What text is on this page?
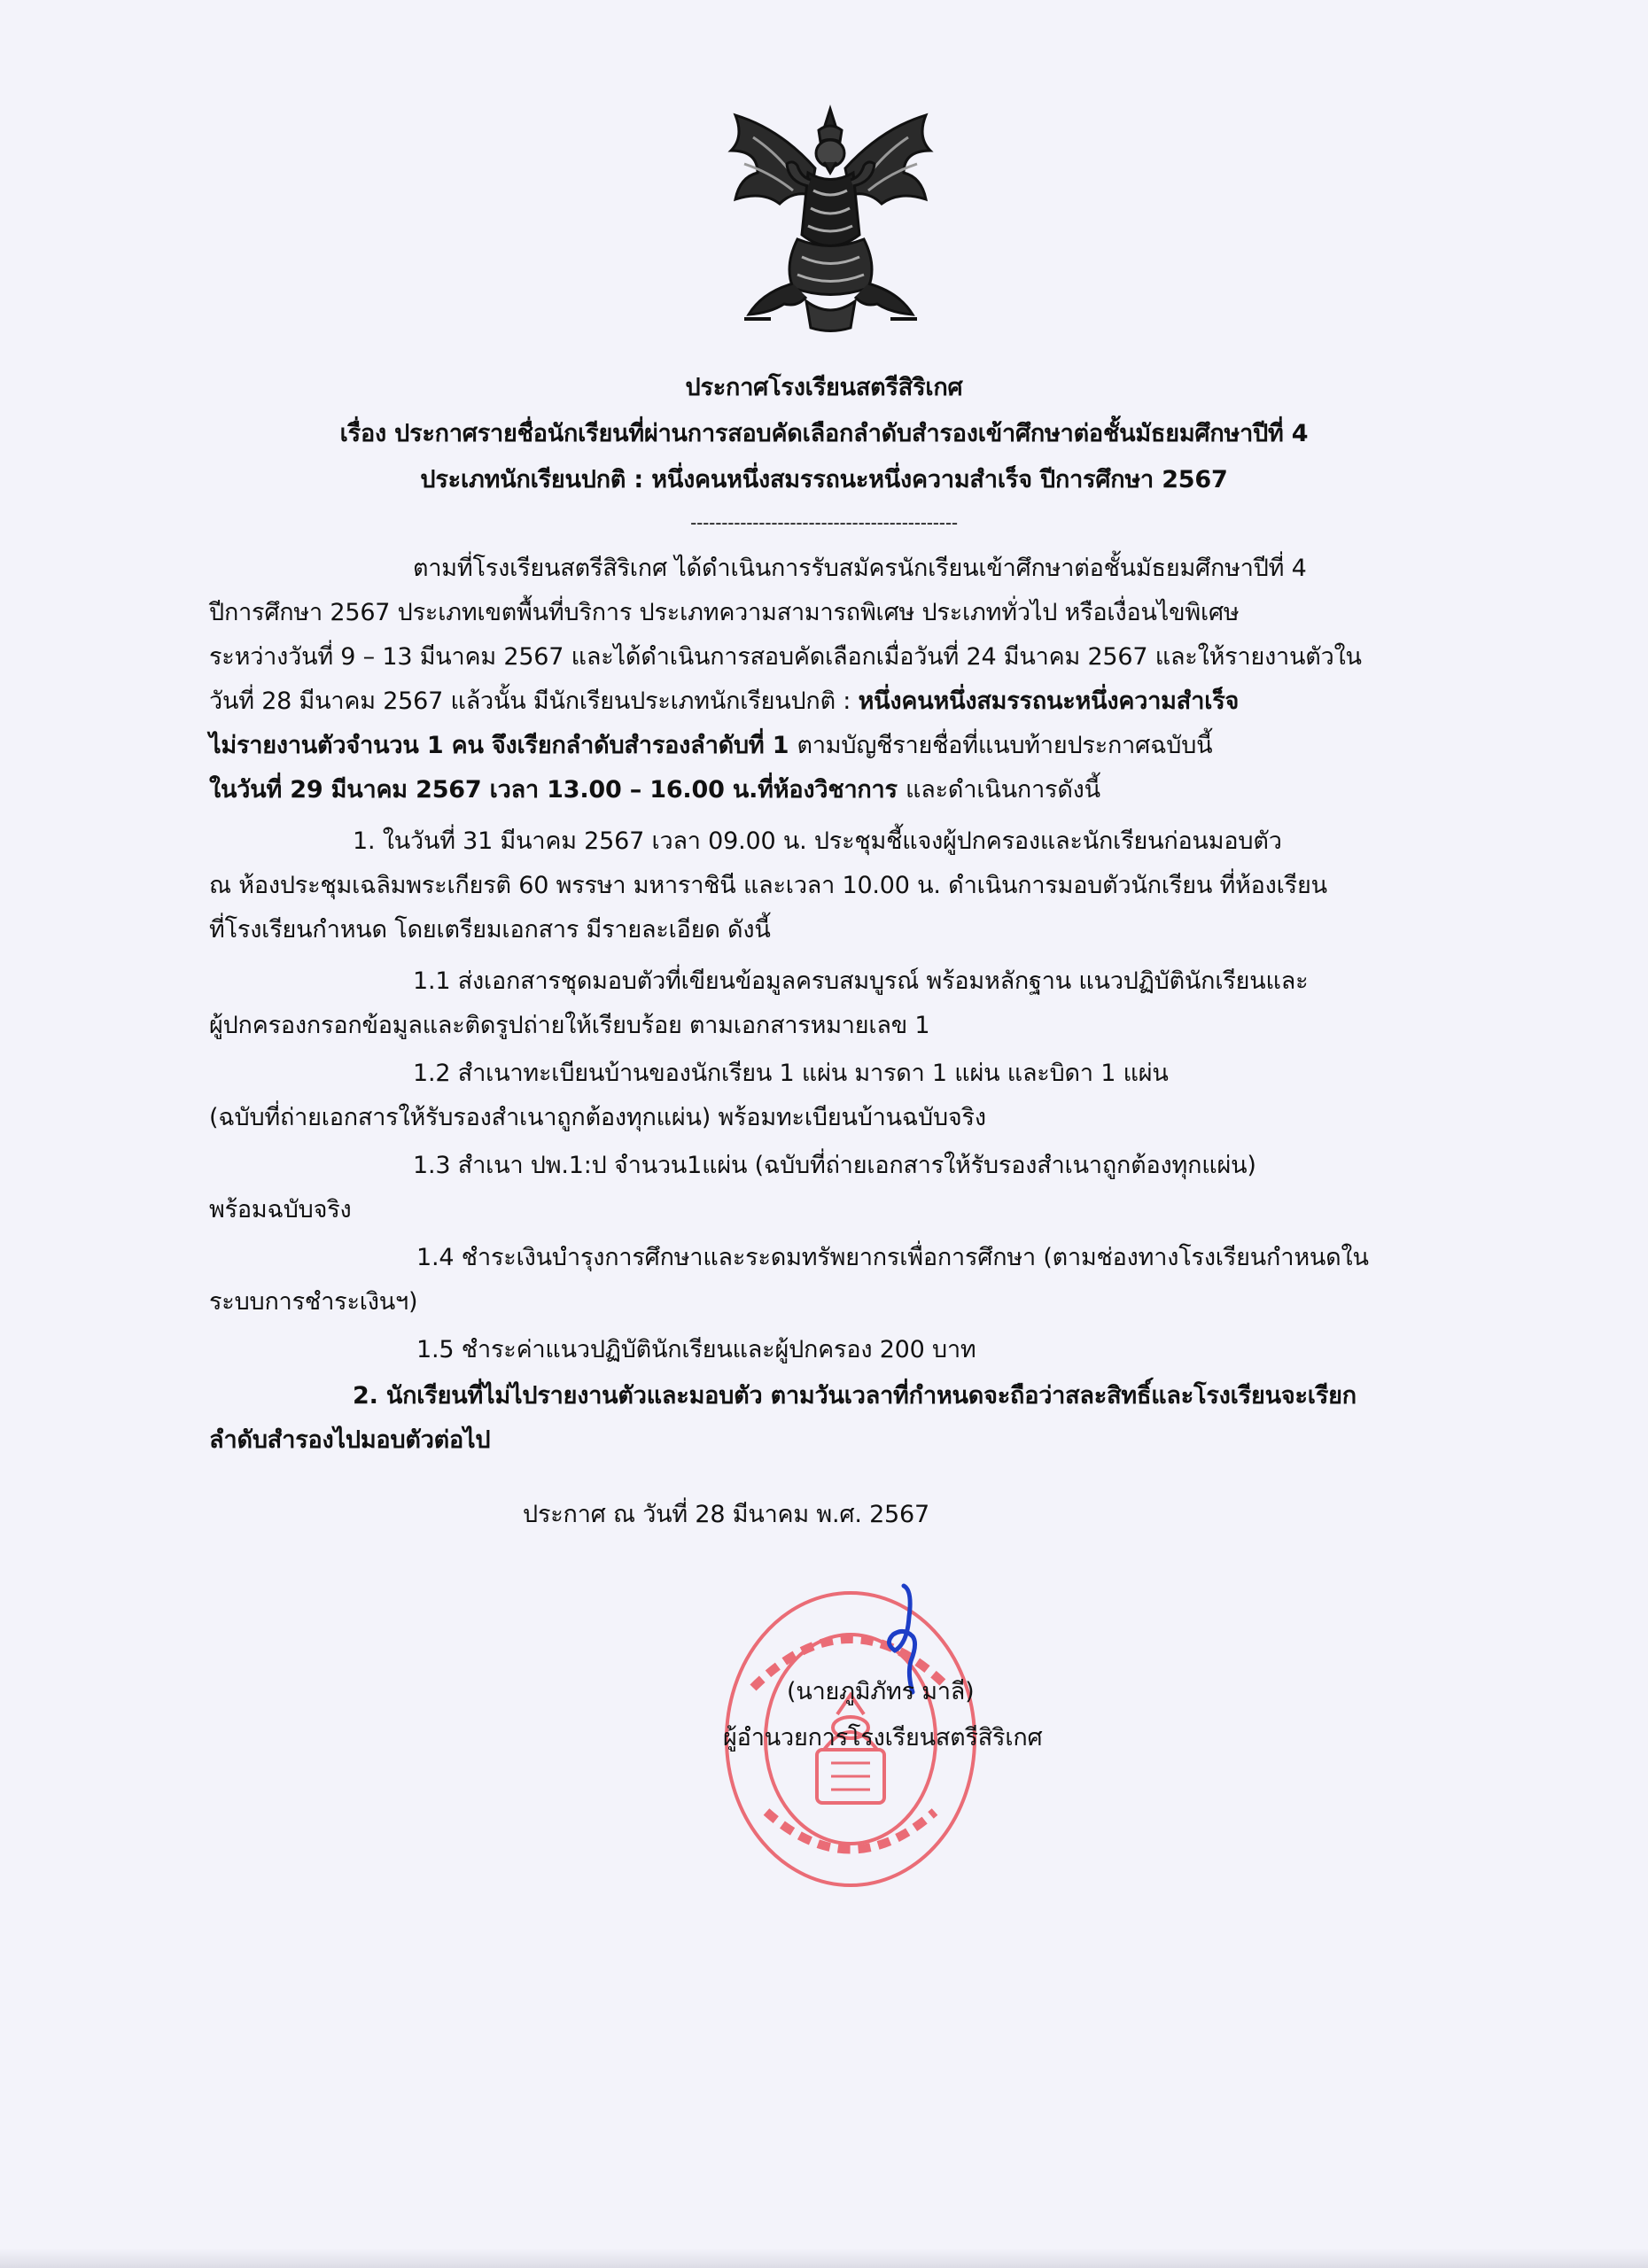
ประกาศโรงเรียนสตรีสิริเกศ
เรื่อง ประกาศรายชื่อนักเรียนที่ผ่านการสอบคัดเลือกลำดับสำรองเข้าศึกษาต่อชั้นมัธยมศึกษาปีที่ 4
ประเภทนักเรียนปกติ : หนึ่งคนหนึ่งสมรรถนะหนึ่งความสำเร็จ ปีการศึกษา 2567
-------------------------------------------
ตามที่โรงเรียนสตรีสิริเกศ ได้ดำเนินการรับสมัครนักเรียนเข้าศึกษาต่อชั้นมัธยมศึกษาปีที่ 4
ปีการศึกษา 2567 ประเภทเขตพื้นที่บริการ ประเภทความสามารถพิเศษ ประเภททั่วไป หรือเงื่อนไขพิเศษ
ระหว่างวันที่ 9 – 13 มีนาคม 2567 และได้ดำเนินการสอบคัดเลือกเมื่อวันที่ 24 มีนาคม 2567 และให้รายงานตัวใน
วันที่ 28 มีนาคม 2567 แล้วนั้น มีนักเรียนประเภทนักเรียนปกติ : หนึ่งคนหนึ่งสมรรถนะหนึ่งความสำเร็จ
ไม่รายงานตัวจำนวน 1 คน จึงเรียกลำดับสำรองลำดับที่ 1 ตามบัญชีรายชื่อที่แนบท้ายประกาศฉบับนี้
ในวันที่ 29 มีนาคม 2567 เวลา 13.00 – 16.00 น.ที่ห้องวิชาการ และดำเนินการดังนี้
1. ในวันที่ 31 มีนาคม 2567 เวลา 09.00 น. ประชุมชี้แจงผู้ปกครองและนักเรียนก่อนมอบตัว
ณ ห้องประชุมเฉลิมพระเกียรติ 60 พรรษา มหาราชินี และเวลา 10.00 น. ดำเนินการมอบตัวนักเรียน ที่ห้องเรียน
ที่โรงเรียนกำหนด โดยเตรียมเอกสาร มีรายละเอียด ดังนี้
1.1 ส่งเอกสารชุดมอบตัวที่เขียนข้อมูลครบสมบูรณ์ พร้อมหลักฐาน แนวปฏิบัตินักเรียนและ
ผู้ปกครองกรอกข้อมูลและติดรูปถ่ายให้เรียบร้อย ตามเอกสารหมายเลข 1
1.2 สำเนาทะเบียนบ้านของนักเรียน 1 แผ่น มารดา 1 แผ่น และบิดา 1 แผ่น
(ฉบับที่ถ่ายเอกสารให้รับรองสำเนาถูกต้องทุกแผ่น) พร้อมทะเบียนบ้านฉบับจริง
1.3 สำเนา ปพ.1:ป จำนวน1แผ่น (ฉบับที่ถ่ายเอกสารให้รับรองสำเนาถูกต้องทุกแผ่น)
พร้อมฉบับจริง
1.4 ชำระเงินบำรุงการศึกษาและระดมทรัพยากรเพื่อการศึกษา (ตามช่องทางโรงเรียนกำหนดใน
ระบบการชำระเงินฯ)
1.5 ชำระค่าแนวปฏิบัตินักเรียนและผู้ปกครอง 200 บาท
2. นักเรียนที่ไม่ไปรายงานตัวและมอบตัว ตามวันเวลาที่กำหนดจะถือว่าสละสิทธิ์และโรงเรียนจะเรียก
ลำดับสำรองไปมอบตัวต่อไป
ประกาศ ณ วันที่ 28 มีนาคม พ.ศ. 2567
(นายภูมิภัทร มาลี)
ผู้อำนวยการโรงเรียนสตรีสิริเกศ
